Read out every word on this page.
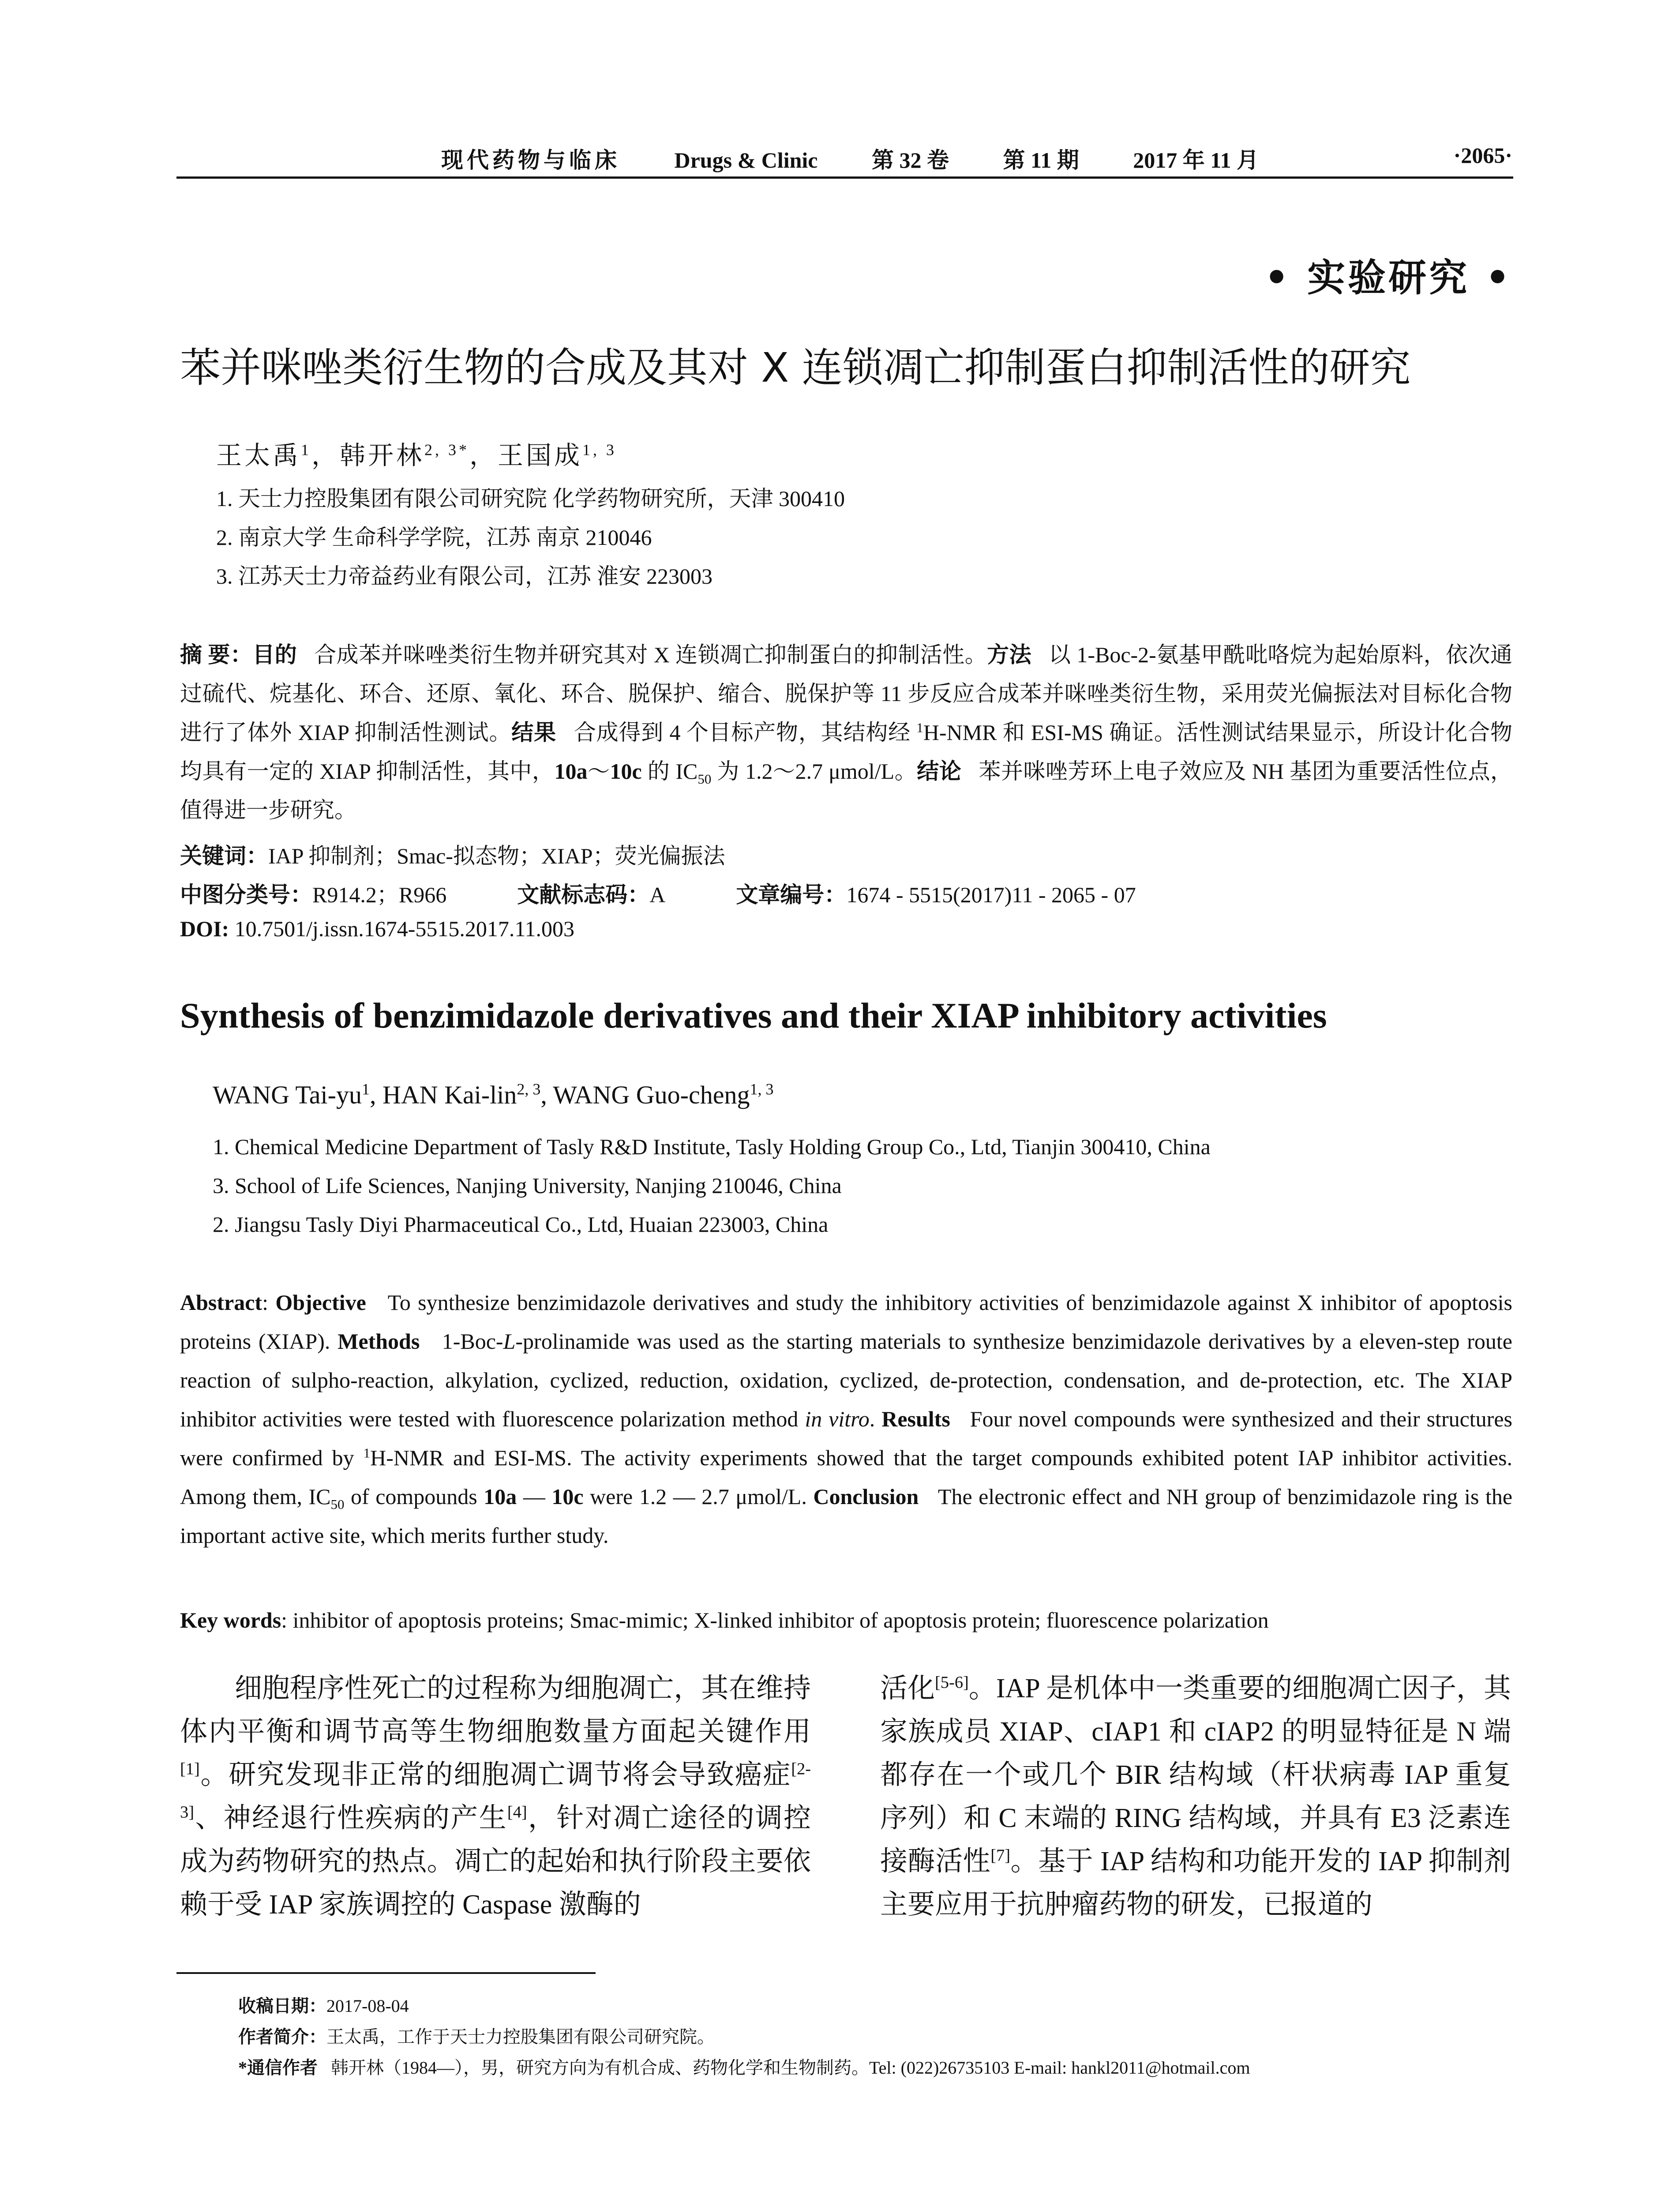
现代药物与临床 Drugs & Clinic 第 32 卷 第 11 期 2017 年 11 月	·2065·
• 实验研究 •
苯并咪唑类衍生物的合成及其对 X 连锁凋亡抑制蛋白抑制活性的研究
王太禹$^1$，韩开林$^{2, 3*}$，王国成$^{1, 3}$
1. 天士力控股集团有限公司研究院 化学药物研究所，天津 300410
2. 南京大学 生命科学学院，江苏 南京 210046
3. 江苏天士力帝益药业有限公司，江苏 淮安 223003
摘 要：目的 合成苯并咪唑类衍生物并研究其对 X 连锁凋亡抑制蛋白的抑制活性。方法 以 1-Boc-2-氨基甲酰吡咯烷为起始原料，依次通过硫代、烷基化、环合、还原、氧化、环合、脱保护、缩合、脱保护等 11 步反应合成苯并咪唑类衍生物，采用荧光偏振法对目标化合物进行了体外 XIAP 抑制活性测试。结果 合成得到 4 个目标产物，其结构经 $^1$H-NMR 和 ESI-MS 确证。活性测试结果显示，所设计化合物均具有一定的 XIAP 抑制活性，其中，10a～10c 的 $IC_{50}$ 为 1.2～2.7 μmol/L。结论 苯并咪唑芳环上电子效应及 NH 基团为重要活性位点，值得进一步研究。
关键词：IAP 抑制剂；Smac-拟态物；XIAP；荧光偏振法
中图分类号：R914.2；R966	文献标志码：A	文章编号：1674 - 5515(2017)11 - 2065 - 07
DOI: 10.7501/j.issn.1674-5515.2017.11.003
Synthesis of benzimidazole derivatives and their XIAP inhibitory activities
WANG Tai-$yu^1$, HAN Kai-lin$^{2, 3}$, WANG Guo-cheng$^{1, 3}$
1. Chemical Medicine Department of Tasly R&D Institute, Tasly Holding Group Co., Ltd, Tianjin 300410, China
3. School of Life Sciences, Nanjing University, Nanjing 210046, China
2. Jiangsu Tasly Diyi Pharmaceutical Co., Ltd, Huaian 223003, China
Abstract: Objective To synthesize benzimidazole derivatives and study the inhibitory activities of benzimidazole against X inhibitor of apoptosis proteins (XIAP). Methods 1-Boc-L-prolinamide was used as the starting materials to synthesize benzimidazole derivatives by a eleven-step route reaction of sulpho-reaction, alkylation, cyclized, reduction, oxidation, cyclized, de-protection, condensation, and de-protection, etc. The XIAP inhibitor activities were tested with fluorescence polarization method in vitro. Results Four novel compounds were synthesized and their structures were confirmed by $^1$H-NMR and ESI-MS. The activity experiments showed that the target compounds exhibited potent IAP inhibitor activities. Among them, $IC_{50}$ of compounds 10a — 10c were 1.2 — 2.7 μmol/L. Conclusion The electronic effect and NH group of benzimidazole ring is the important active site, which merits further study.
Key words: inhibitor of apoptosis proteins; Smac-mimic; X-linked inhibitor of apoptosis protein; fluorescence polarization
细胞程序性死亡的过程称为细胞凋亡，其在维持体内平衡和调节高等生物细胞数量方面起关键作用[1]。研究发现非正常的细胞凋亡调节将会导致癌症[2-3]、神经退行性疾病的产生[4]，针对凋亡途径的调控成为药物研究的热点。凋亡的起始和执行阶段主要依赖于受 IAP 家族调控的 Caspase 激酶的
活化[5-6]。IAP 是机体中一类重要的细胞凋亡因子，其家族成员 XIAP、cIAP1 和 cIAP2 的明显特征是 N 端都存在一个或几个 BIR 结构域（杆状病毒 IAP 重复序列）和 C 末端的 RING 结构域，并具有 E3 泛素连接酶活性[7]。基于 IAP 结构和功能开发的 IAP 抑制剂主要应用于抗肿瘤药物的研发，已报道的
收稿日期：2017-08-04
作者简介：王太禹，工作于天士力控股集团有限公司研究院。
*通信作者 韩开林（1984—），男，研究方向为有机合成、药物化学和生物制药。Tel: (022)26735103 E-mail: hankl2011@hotmail.com
